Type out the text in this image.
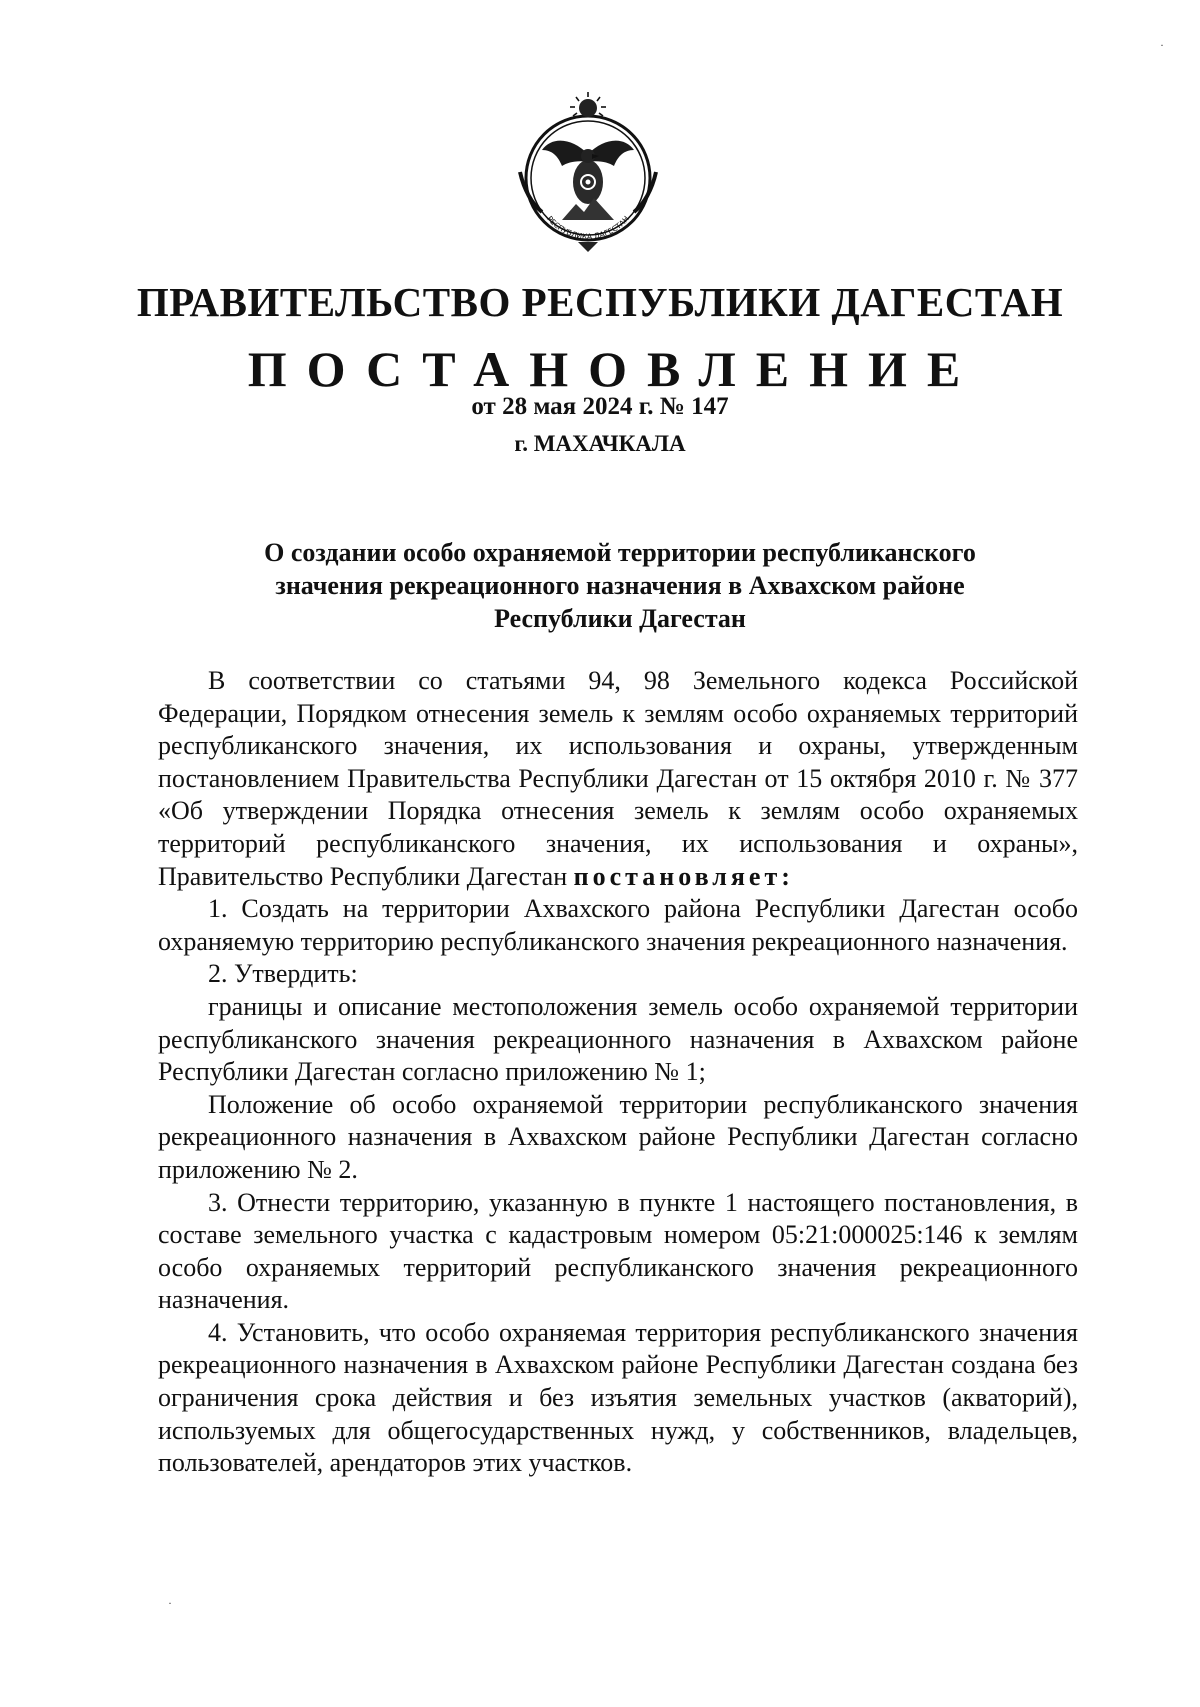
РЕСПУБЛИКА ДАГЕСТАН
ПРАВИТЕЛЬСТВО РЕСПУБЛИКИ ДАГЕСТАН
ПОСТАНОВЛЕНИЕ
от 28 мая 2024 г. № 147
г. МАХАЧКАЛА
О создании особо охраняемой территории республиканского
значения рекреационного назначения в Ахвахском районе
Республики Дагестан

В соответствии со статьями 94, 98 Земельного кодекса Российской Федерации, Порядком отнесения земель к землям особо охраняемых территорий республиканского значения, их использования и охраны, утвержденным постановлением Правительства Республики Дагестан от 15 октября 2010 г. № 377 «Об утверждении Порядка отнесения земель к землям особо охраняемых территорий республиканского значения, их использования и охраны», Правительство Республики Дагестан постановляет:

1. Создать на территории Ахвахского района Республики Дагестан особо охраняемую территорию республиканского значения рекреационного назначения.

2. Утвердить:

границы и описание местоположения земель особо охраняемой территории республиканского значения рекреационного назначения в Ахвахском районе Республики Дагестан согласно приложению № 1;

Положение об особо охраняемой территории республиканского значения рекреационного назначения в Ахвахском районе Республики Дагестан согласно приложению № 2.

3. Отнести территорию, указанную в пункте 1 настоящего постановления, в составе земельного участка с кадастровым номером 05:21:000025:146 к землям особо охраняемых территорий республиканского значения рекреационного назначения.

4. Установить, что особо охраняемая территория республиканского значения рекреационного назначения в Ахвахском районе Республики Дагестан создана без ограничения срока действия и без изъятия земельных участков (акваторий), используемых для общегосударственных нужд, у собственников, владельцев, пользователей, арендаторов этих участков.

·
·
